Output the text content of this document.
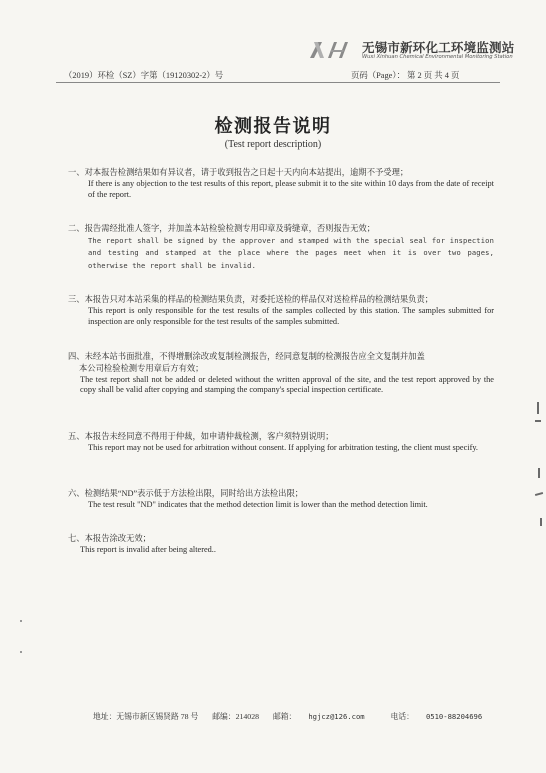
无锡市新环化工环境监测站
Wuxi Xinhuan Chemical Environmental Monitoring Station
（2019）环检（SZ）字第（19120302-2）号	页码（Page）： 第 2 页 共 4 页
检测报告说明
(Test report description)
一、对本报告检测结果如有异议者，请于收到报告之日起十天内向本站提出，逾期不予受理；
If there is any objection to the test results of this report, please submit it to the site within 10 days from the date of receipt of the report.
二、报告需经批准人签字，并加盖本站检验检测专用印章及骑缝章，否则报告无效；
The report shall be signed by the approver and stamped with the special seal for inspection and testing and stamped at the place where the pages meet when it is over two pages, otherwise the report shall be invalid.
三、本报告只对本站采集的样品的检测结果负责，对委托送检的样品仅对送检样品的检测结果负责；
This report is only responsible for the test results of the samples collected by this station. The samples submitted for inspection are only responsible for the test results of the samples submitted.
四、未经本站书面批准，不得增删涂改或复制检测报告，经同意复制的检测报告应全文复制并加盖
本公司检验检测专用章后方有效；
The test report shall not be added or deleted without the written approval of the site, and the test report approved by the copy shall be valid after copying and stamping the company's special inspection certificate.
五、本报告未经同意不得用于仲裁，如申请仲裁检测，客户须特别说明；
This report may not be used for arbitration without consent. If applying for arbitration testing, the client must specify.
六、检测结果“ND”表示低于方法检出限，同时给出方法检出限；
The test result "ND" indicates that the method detection limit is lower than the method detection limit.
七、本报告涂改无效；
This report is invalid after being altered..
地址：无锡市新区锡贤路 78 号 邮编：214028 邮箱： hgjcz@126.com	电话： 0510-88204696
